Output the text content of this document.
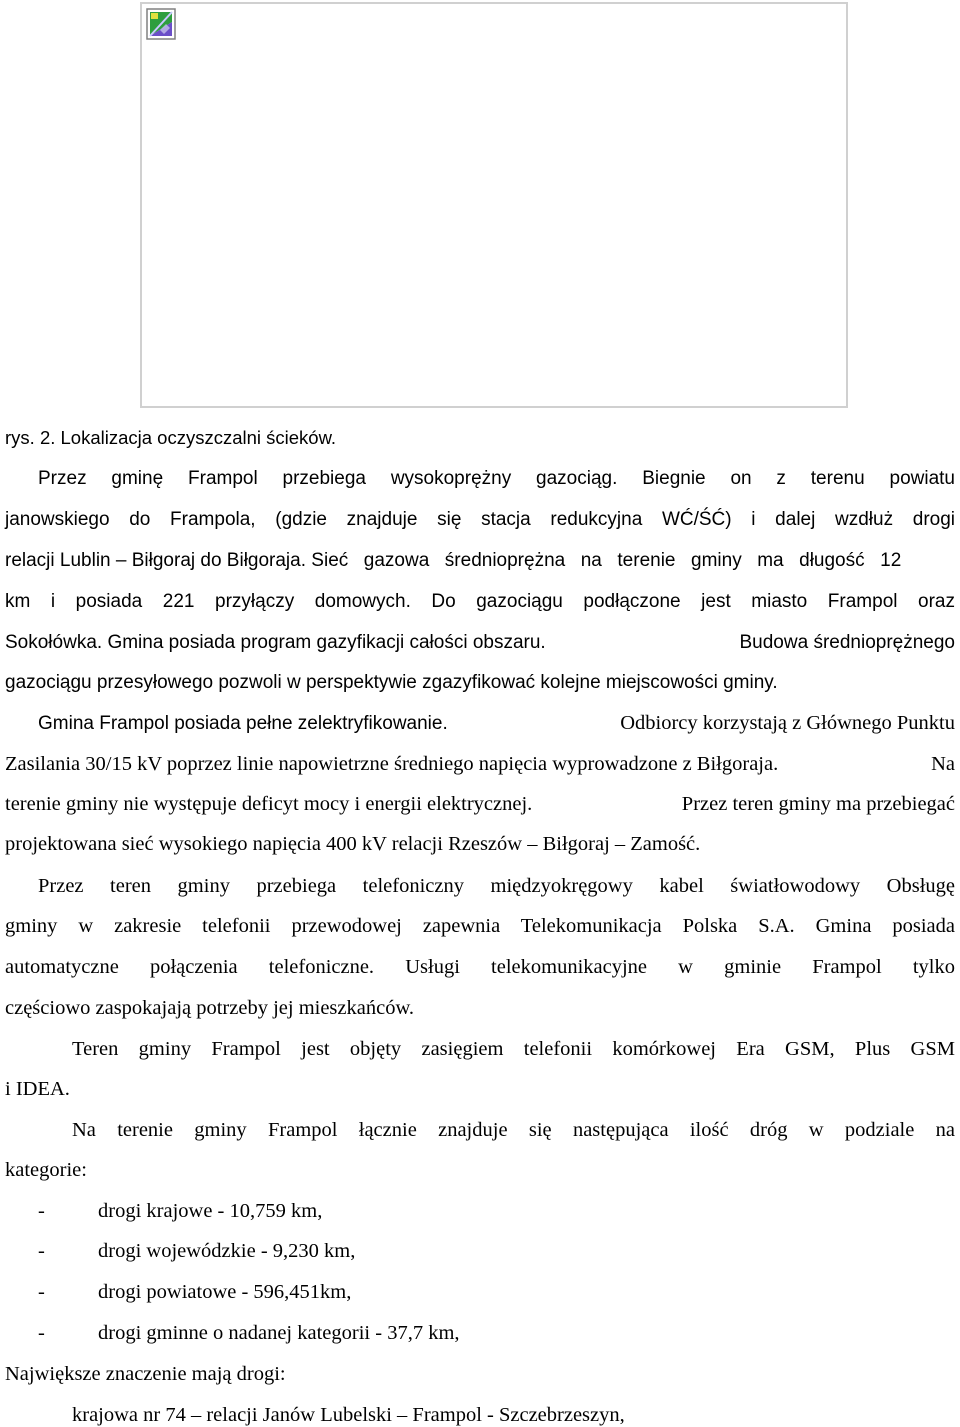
rys. 2. Lokalizacja oczyszczalni ścieków.
Przez gminę Frampol przebiega wysokoprężny gazociąg. Biegnie on z terenu powiatu
janowskiego do Frampola, (gdzie znajduje się stacja redukcyjna WĆ/ŚĆ) i dalej wzdłuż drogi
relacji Lublin – Biłgoraj do Biłgoraja. Sieć gazowa średnioprężna na terenie gminy ma długość 12
km i posiada 221 przyłączy domowych. Do gazociągu podłączone jest miasto Frampol oraz
Sokołówka. Gmina posiada program gazyfikacji całości obszaru.	Budowa średnioprężnego
gazociągu przesyłowego pozwoli w perspektywie zgazyfikować kolejne miejscowości gminy.
Gmina Frampol posiada pełne zelektryfikowanie.	Odbiorcy korzystają z Głównego Punktu
Zasilania 30/15 kV poprzez linie napowietrzne średniego napięcia wyprowadzone z Biłgoraja.	Na
terenie gminy nie występuje deficyt mocy i energii elektrycznej.	Przez teren gminy ma przebiegać
projektowana sieć wysokiego napięcia 400 kV relacji Rzeszów – Biłgoraj – Zamość.
Przez teren gminy przebiega telefoniczny międzyokręgowy kabel światłowodowy Obsługę
gminy w zakresie telefonii przewodowej zapewnia Telekomunikacja Polska S.A. Gmina posiada
automatyczne połączenia telefoniczne. Usługi telekomunikacyjne w gminie Frampol tylko
częściowo zaspokajają potrzeby jej mieszkańców.
Teren gminy Frampol jest objęty zasięgiem telefonii komórkowej Era GSM, Plus GSM
i IDEA.
Na terenie gminy Frampol łącznie znajduje się następująca ilość dróg w podziale na
kategorie:
-	drogi krajowe - 10,759 km,
-	drogi wojewódzkie - 9,230 km,
-	drogi powiatowe - 596,451km,
-	drogi gminne o nadanej kategorii - 37,7 km,
Największe znaczenie mają drogi:
krajowa nr 74 – relacji Janów Lubelski – Frampol - Szczebrzeszyn,
